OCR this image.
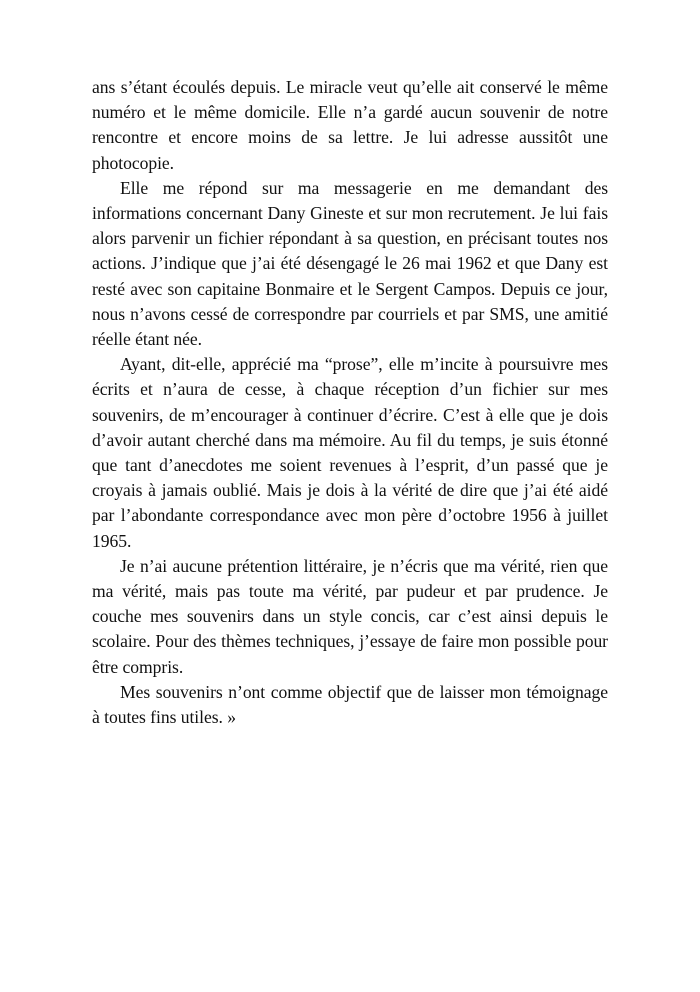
ans s’étant écoulés depuis. Le miracle veut qu’elle ait conservé le même numéro et le même domicile. Elle n’a gardé aucun souvenir de notre rencontre et encore moins de sa lettre. Je lui adresse aussitôt une photocopie.

Elle me répond sur ma messagerie en me demandant des informations concernant Dany Gineste et sur mon recrutement. Je lui fais alors parvenir un fichier répondant à sa question, en précisant toutes nos actions. J’indique que j’ai été désengagé le 26 mai 1962 et que Dany est resté avec son capitaine Bonmaire et le Sergent Campos. Depuis ce jour, nous n’avons cessé de correspondre par courriels et par SMS, une amitié réelle étant née.

Ayant, dit-elle, apprécié ma “prose”, elle m’incite à poursuivre mes écrits et n’aura de cesse, à chaque réception d’un fichier sur mes souvenirs, de m’encourager à continuer d’écrire. C’est à elle que je dois d’avoir autant cherché dans ma mémoire. Au fil du temps, je suis étonné que tant d’anecdotes me soient revenues à l’esprit, d’un passé que je croyais à jamais oublié. Mais je dois à la vérité de dire que j’ai été aidé par l’abondante correspondance avec mon père d’octobre 1956 à juillet 1965.

Je n’ai aucune prétention littéraire, je n’écris que ma vérité, rien que ma vérité, mais pas toute ma vérité, par pudeur et par prudence. Je couche mes souvenirs dans un style concis, car c’est ainsi depuis le scolaire. Pour des thèmes techniques, j’essaye de faire mon possible pour être compris.

Mes souvenirs n’ont comme objectif que de laisser mon témoignage à toutes fins utiles. »
